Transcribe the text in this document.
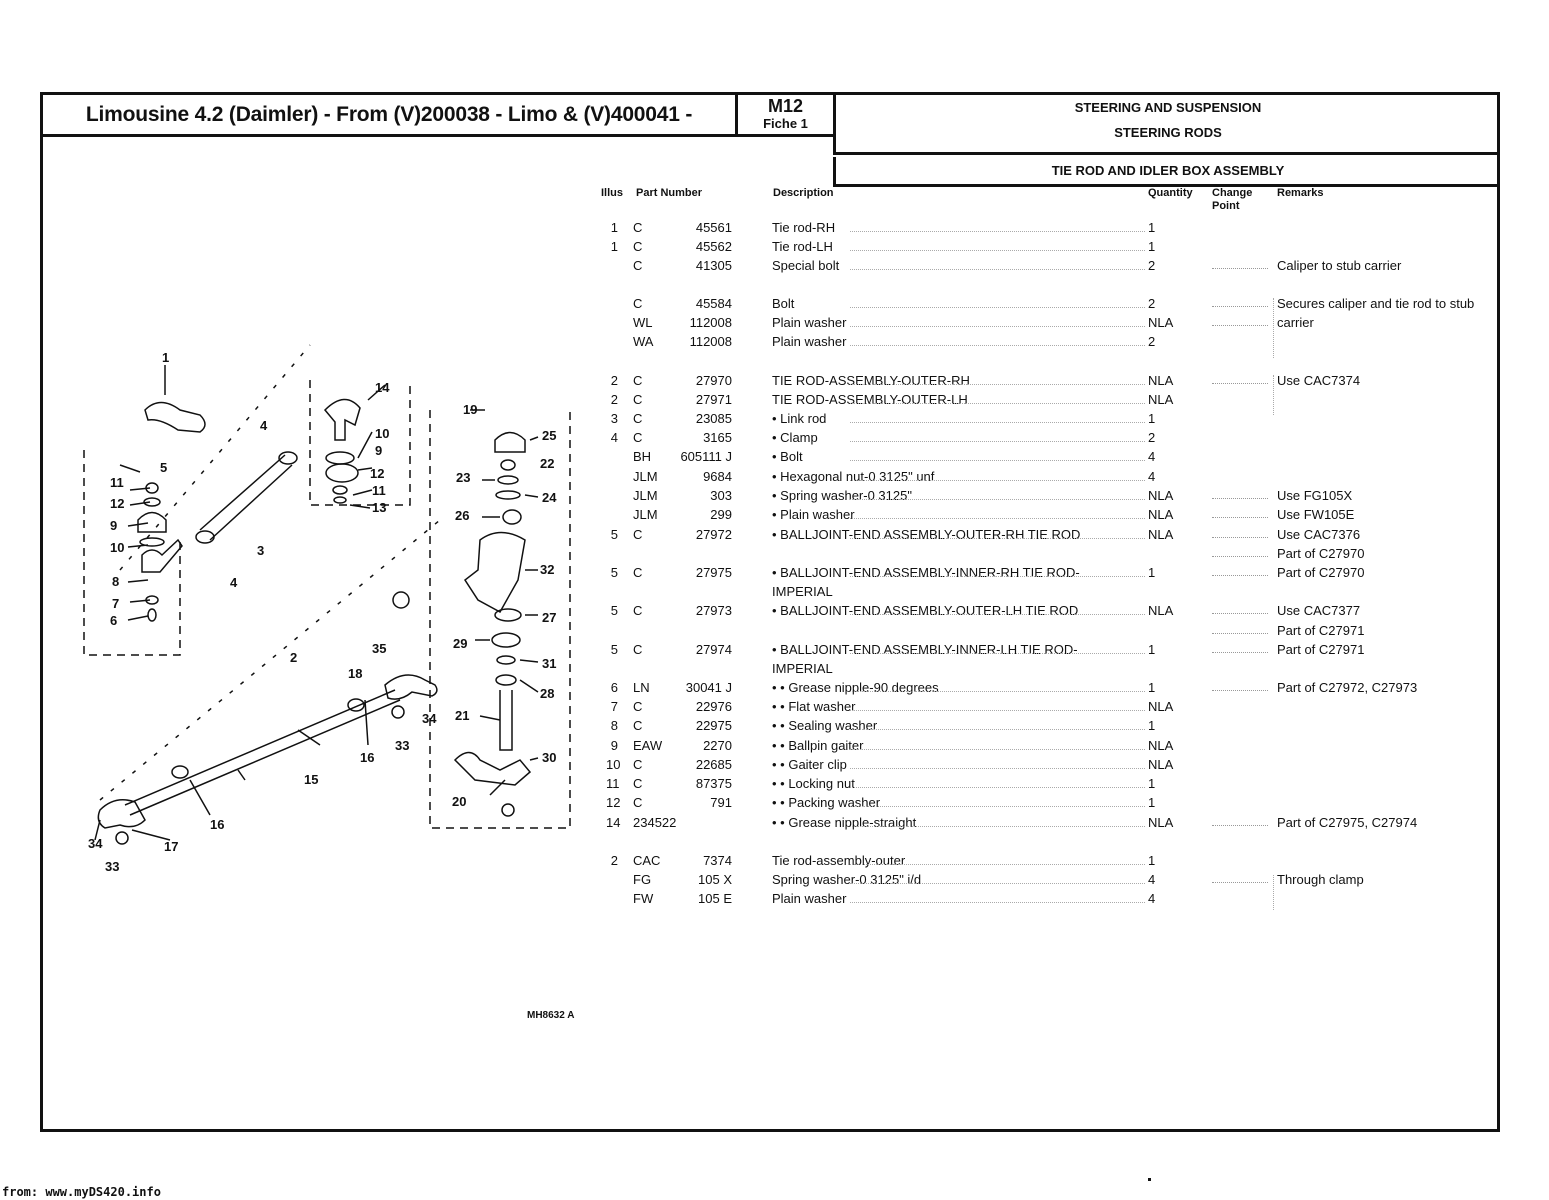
Limousine 4.2 (Daimler) - From (V)200038 - Limo & (V)400041 -	M12
Fiche 1
STEERING AND SUSPENSION
STEERING RODS
TIE ROD AND IDLER BOX ASSEMBLY
Illus Part Number	Description	Quantity Change Point
Remarks
1 C	45561	Tie rod-RH	1
1 C	45562	Tie rod-LH	1
C	41305	Special bolt	2	Caliper to stub carrier
C	45584	Bolt	2	Secures caliper and tie rod to stub
WL	112008	Plain washer	NLA	carrier
WA	112008	Plain washer	2
2 C	27970	TIE ROD-ASSEMBLY-OUTER-RH	NLA	Use CAC7374
2 C	27971	TIE ROD-ASSEMBLY-OUTER-LH	NLA
3 C	23085	• Link rod	1
4 C	3165	• Clamp	2
BH	605111 J	• Bolt	4
JLM	9684	• Hexagonal nut-0 3125" unf	4
JLM	303	• Spring washer-0 3125"	NLA	Use FG105X
JLM	299	• Plain washer	NLA	Use FW105E
5 C	27972	• BALLJOINT-END ASSEMBLY-OUTER-RH TIE ROD	NLA	Use CAC7376
Part of C27970
5 C	27975	• BALLJOINT-END ASSEMBLY-INNER-RH TIE ROD-	1	Part of C27970
IMPERIAL
5 C	27973	• BALLJOINT-END ASSEMBLY-OUTER-LH TIE ROD	NLA	Use CAC7377
Part of C27971
5 C	27974	• BALLJOINT-END ASSEMBLY-INNER-LH TIE ROD-	1	Part of C27971
IMPERIAL
6 LN	30041 J	• • Grease nipple-90 degrees	1	Part of C27972, C27973
7 C	22976	• • Flat washer	NLA
8 C	22975	• • Sealing washer	1
9 EAW	2270	• • Ballpin gaiter	NLA
10 C	22685	• • Gaiter clip	NLA
11 C	87375	• • Locking nut	1
12 C	791	• • Packing washer	1
14 234522	• • Grease nipple-straight	NLA	Part of C27975, C27974
2 CAC	7374	Tie rod-assembly-outer	1
FG	105 X	Spring washer-0 3125" i/d	4	Through clamp
FW	105 E	Plain washer	4
1
2
3
4
4
5
6
7
8
9
9
10
10
11
11
12
12
13
14
15
16
16
17
18
19
20
21
22
23
24
25
26
27
28
29
30
31
32
33
33
34
34
35
MH8632 A
from: www.myDS420.info
